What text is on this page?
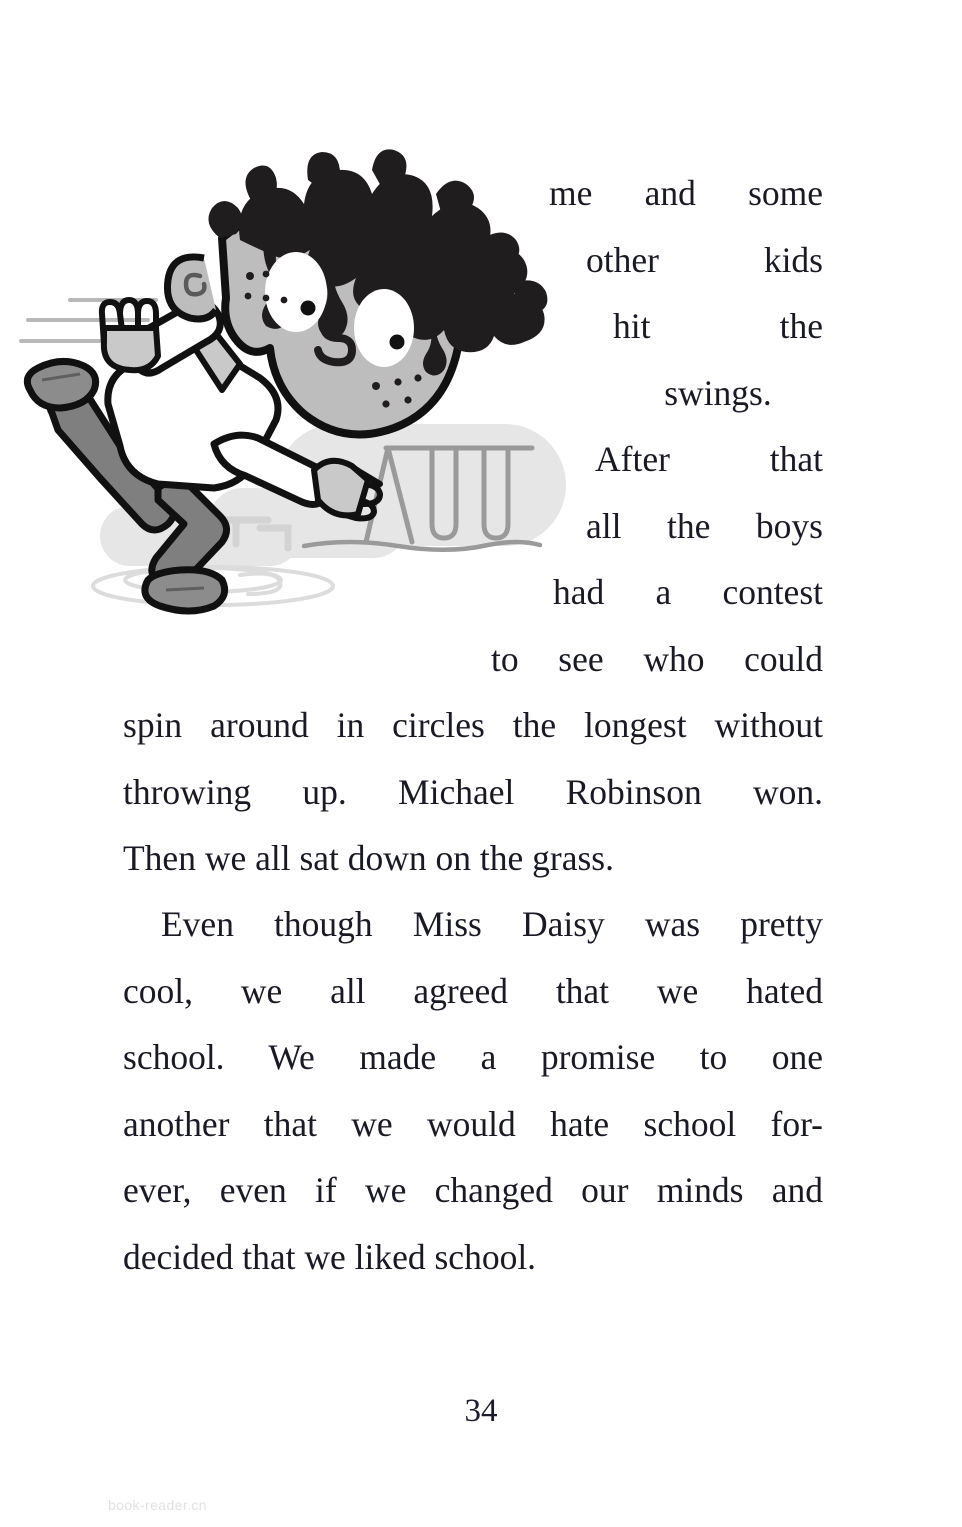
me and some
other	kids
hit	the
swings.
After	that
all the boys
had a contest
to see who could
spin around in circles the longest without
throwing up. Michael Robinson won.
Then we all sat down on the grass.
Even though Miss Daisy was pretty
cool, we all agreed that we hated
school. We made a promise to one
another that we would hate school for-
ever, even if we changed our minds and
decided that we liked school.
34
book-reader.cn
